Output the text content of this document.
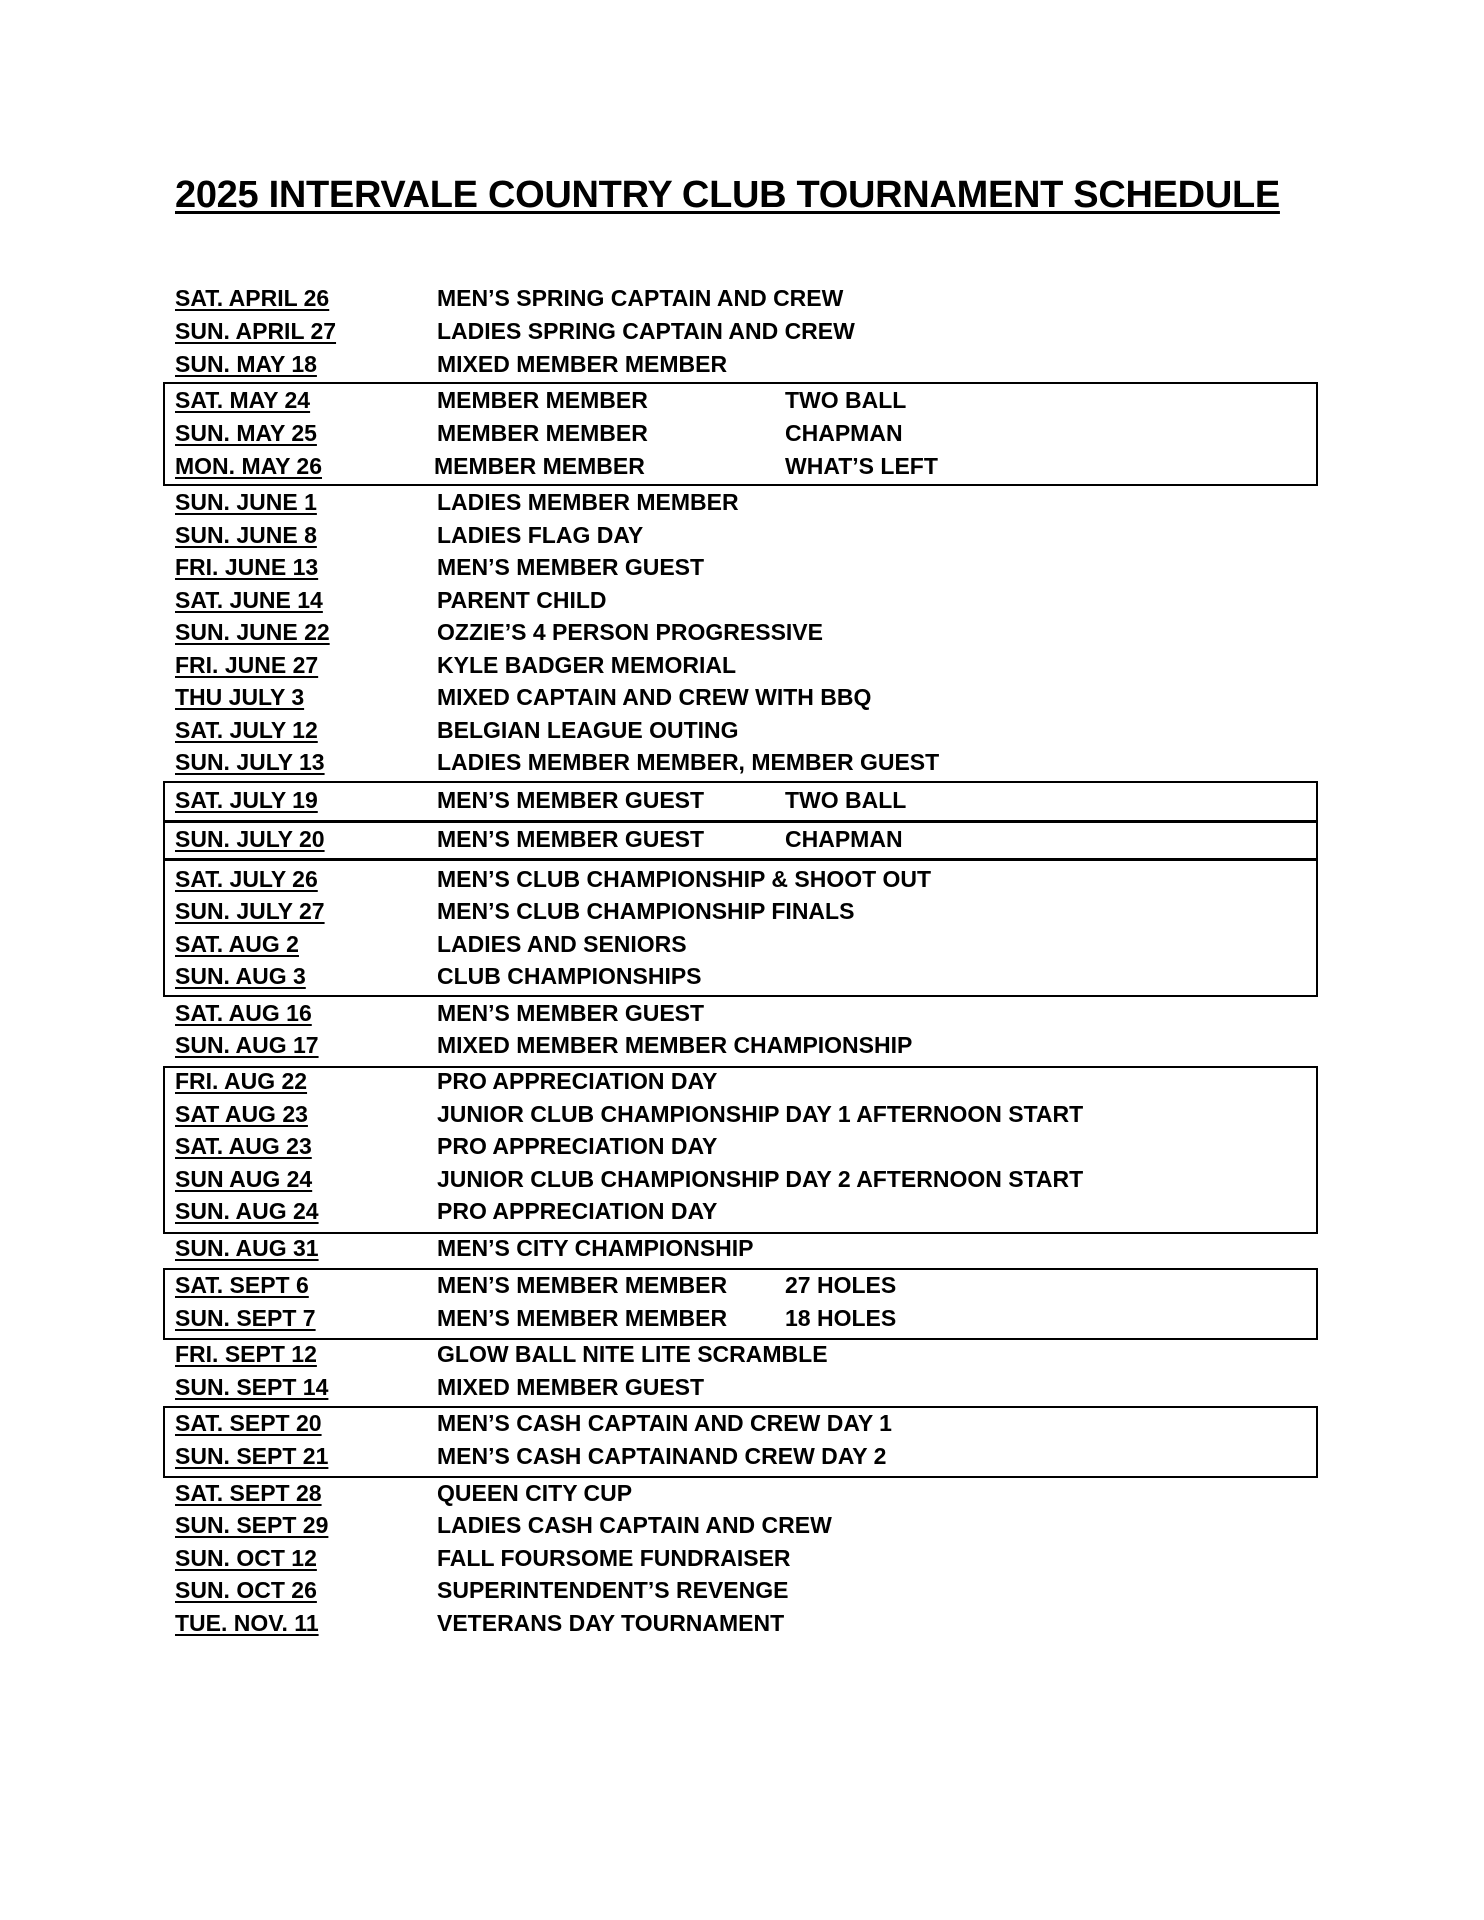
2025 INTERVALE COUNTRY CLUB TOURNAMENT SCHEDULE
SAT. APRIL 26	MEN’S SPRING CAPTAIN AND CREW
SUN. APRIL 27	LADIES SPRING CAPTAIN AND CREW
SUN. MAY 18	MIXED MEMBER MEMBER
SAT. MAY 24	MEMBER MEMBER	TWO BALL
SUN. MAY 25	MEMBER MEMBER	CHAPMAN
MON. MAY 26	MEMBER MEMBER	WHAT’S LEFT
SUN. JUNE 1	LADIES MEMBER MEMBER
SUN. JUNE 8	LADIES FLAG DAY
FRI. JUNE 13	MEN’S MEMBER GUEST
SAT. JUNE 14	PARENT CHILD
SUN. JUNE 22	OZZIE’S 4 PERSON PROGRESSIVE
FRI. JUNE 27	KYLE BADGER MEMORIAL
THU JULY 3	MIXED CAPTAIN AND CREW WITH BBQ
SAT. JULY 12	BELGIAN LEAGUE OUTING
SUN. JULY 13	LADIES MEMBER MEMBER, MEMBER GUEST
SAT. JULY 19	MEN’S MEMBER GUEST	TWO BALL
SUN. JULY 20	MEN’S MEMBER GUEST	CHAPMAN
SAT. JULY 26	MEN’S CLUB CHAMPIONSHIP & SHOOT OUT
SUN. JULY 27	MEN’S CLUB CHAMPIONSHIP FINALS
SAT. AUG 2	LADIES AND SENIORS
SUN. AUG 3	CLUB CHAMPIONSHIPS
SAT. AUG 16	MEN’S MEMBER GUEST
SUN. AUG 17	MIXED MEMBER MEMBER CHAMPIONSHIP
FRI. AUG 22	PRO APPRECIATION DAY
SAT AUG 23	JUNIOR CLUB CHAMPIONSHIP DAY 1 AFTERNOON START
SAT. AUG 23	PRO APPRECIATION DAY
SUN AUG 24	JUNIOR CLUB CHAMPIONSHIP DAY 2 AFTERNOON START
SUN. AUG 24	PRO APPRECIATION DAY
SUN. AUG 31	MEN’S CITY CHAMPIONSHIP
SAT. SEPT 6	MEN’S MEMBER MEMBER	27 HOLES
SUN. SEPT 7	MEN’S MEMBER MEMBER	18 HOLES
FRI. SEPT 12	GLOW BALL NITE LITE SCRAMBLE
SUN. SEPT 14	MIXED MEMBER GUEST
SAT. SEPT 20	MEN’S CASH CAPTAIN AND CREW DAY 1
SUN. SEPT 21	MEN’S CASH CAPTAINAND CREW DAY 2
SAT. SEPT 28	QUEEN CITY CUP
SUN. SEPT 29	LADIES CASH CAPTAIN AND CREW
SUN. OCT 12	FALL FOURSOME FUNDRAISER
SUN. OCT 26	SUPERINTENDENT’S REVENGE
TUE. NOV. 11	VETERANS DAY TOURNAMENT
